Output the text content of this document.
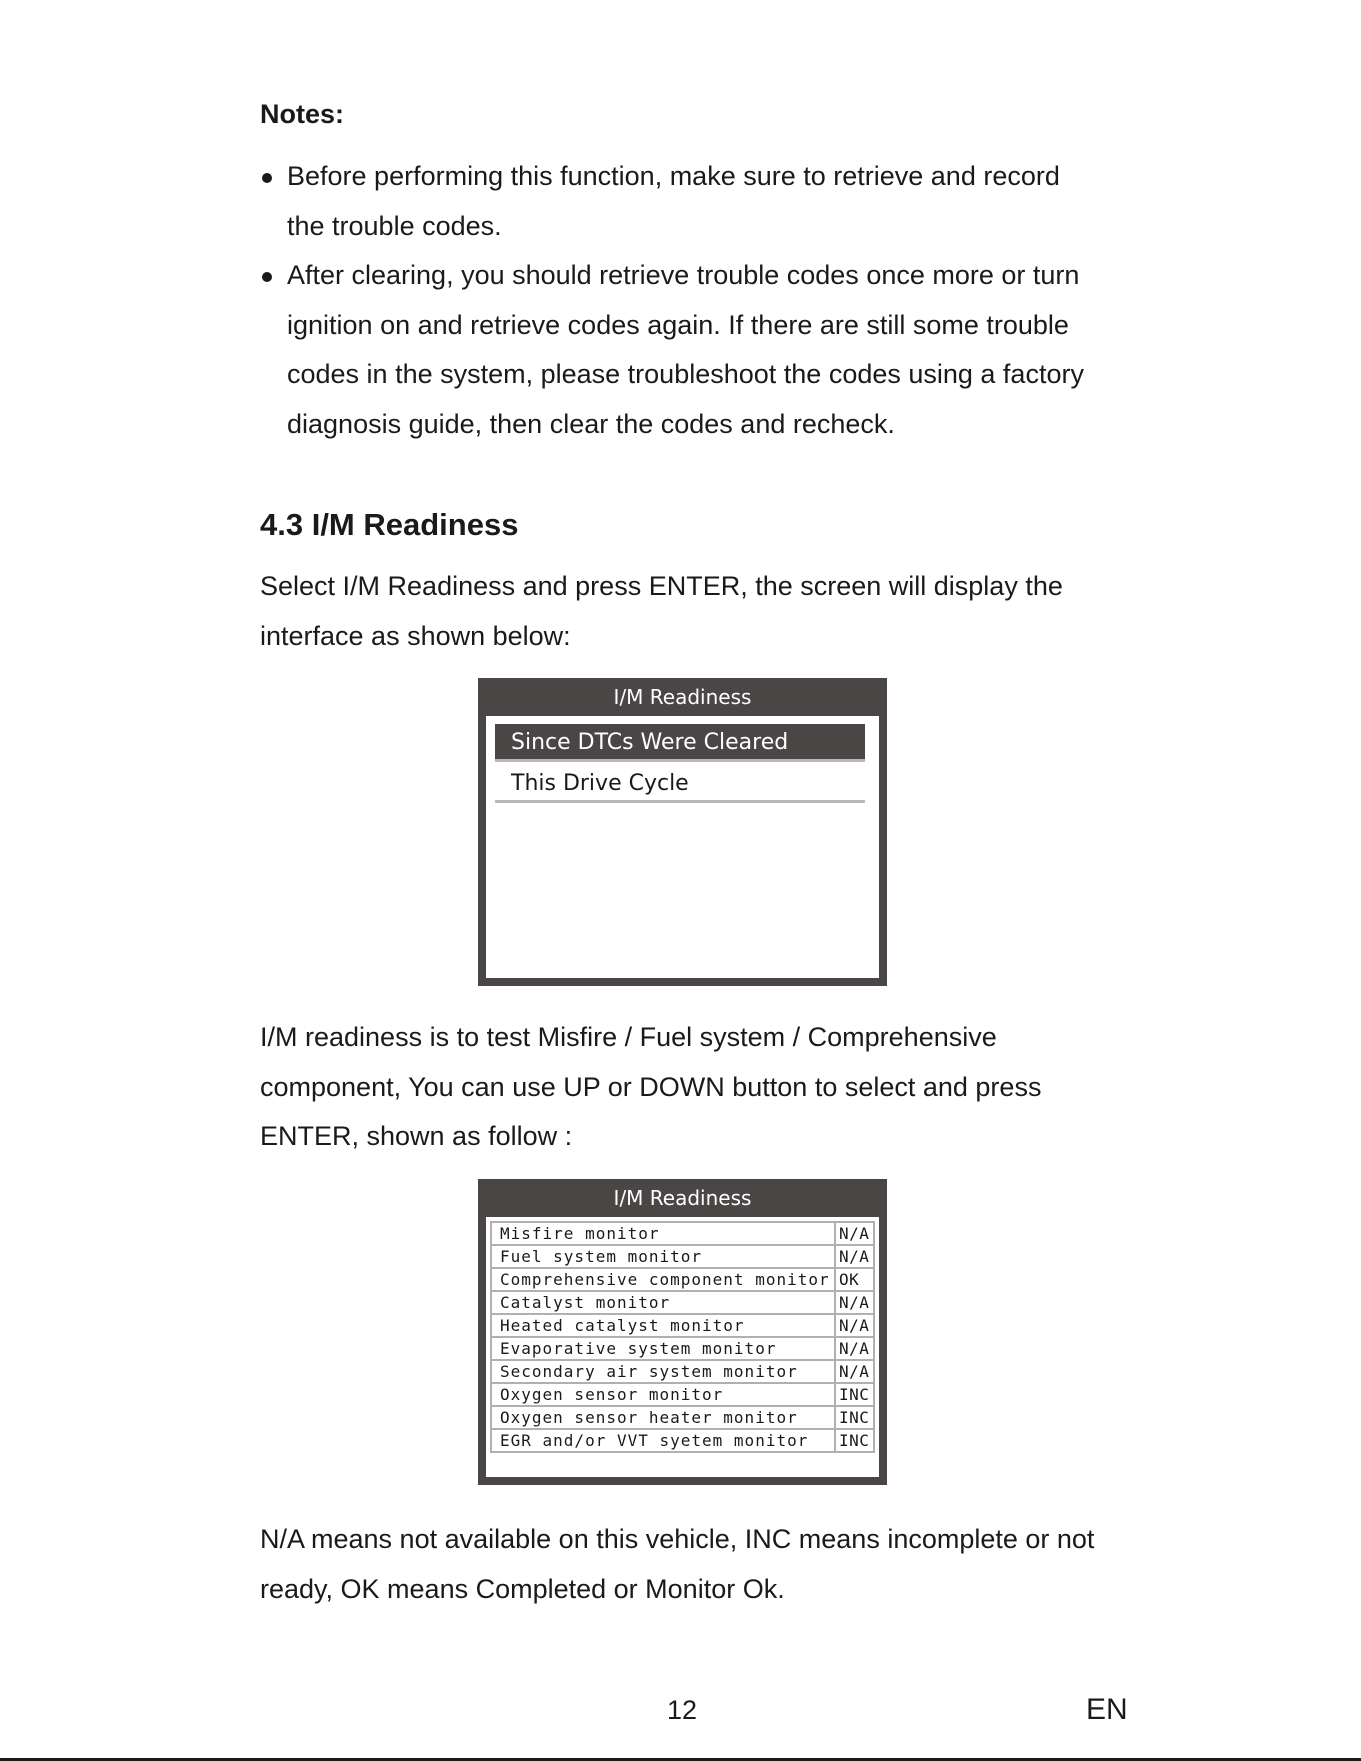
Notes:
Before performing this function, make sure to retrieve and record
the trouble codes.
After clearing, you should retrieve trouble codes once more or turn
ignition on and retrieve codes again. If there are still some trouble
codes in the system, please troubleshoot the codes using a factory
diagnosis guide, then clear the codes and recheck.
4.3 I/M Readiness

Select I/M Readiness and press ENTER, the screen will display the
interface as shown below:

I/M Readiness
Since DTCs Were Cleared
This Drive Cycle

I/M readiness is to test Misfire / Fuel system / Comprehensive
component, You can use UP or DOWN button to select and press
ENTER, shown as follow :

I/M Readiness
Misfire monitor	N/A
Fuel system monitor	N/A
Comprehensive component monitor	OK
Catalyst monitor	N/A
Heated catalyst monitor	N/A
Evaporative system monitor	N/A
Secondary air system monitor	N/A
Oxygen sensor monitor	INC
Oxygen sensor heater monitor	INC
EGR and/or VVT syetem monitor	INC

N/A means not available on this vehicle, INC means incomplete or not
ready, OK means Completed or Monitor Ok.

12	EN
